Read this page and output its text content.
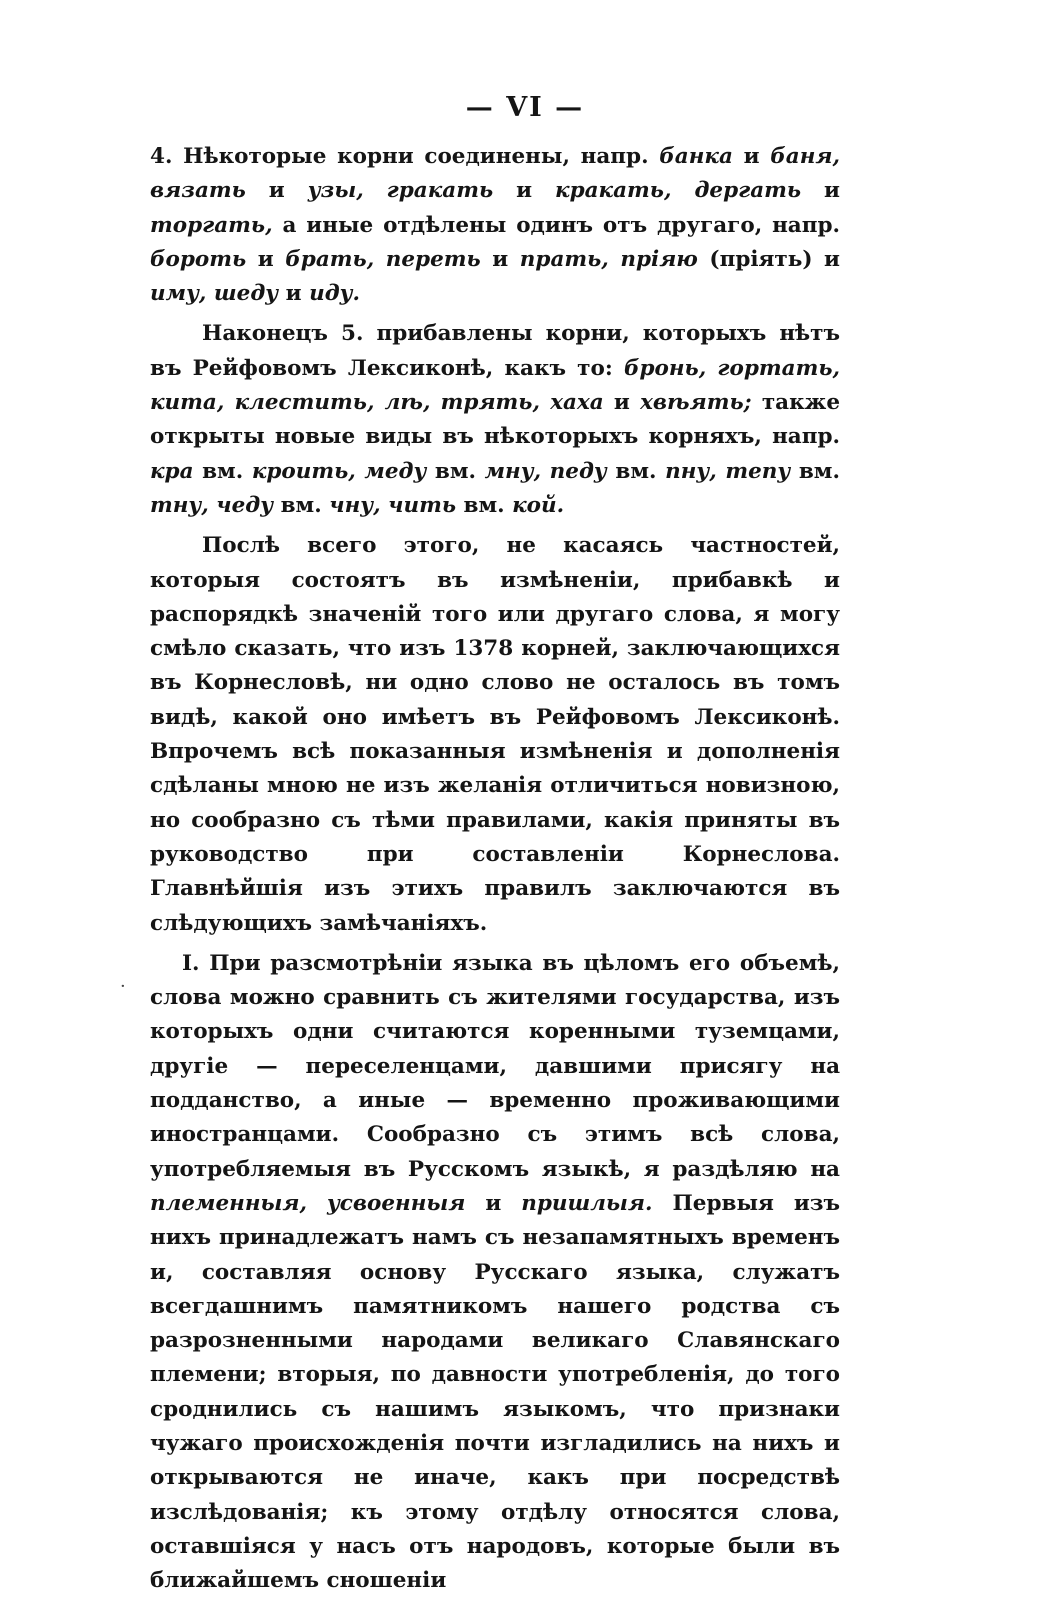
— VI —
·

4. Нѣкоторые корни соединены, напр. банка и баня, вязать и узы, гракать и кракать, дергать и торгать, а иные отдѣлены одинъ отъ другаго, напр. бороть и брать, переть и прать, пріяю (пріять) и иму, шеду и иду.

Наконецъ 5. прибавлены корни, которыхъ нѣтъ въ Рейфовомъ Лексиконѣ, какъ то: бронь, гортать, кита, клестить, лѣ, трять, хаха и хвѣять; также открыты новые виды въ нѣкоторыхъ корняхъ, напр. кра вм. кроить, меду вм. мну, педу вм. пну, тепу вм. тну, чеду вм. чну, чить вм. кой.

Послѣ всего этого, не касаясь частностей, которыя состоятъ въ измѣненіи, прибавкѣ и распорядкѣ значеній того или другаго слова, я могу смѣло сказать, что изъ 1378 корней, заключающихся въ Корнесловѣ, ни одно слово не осталось въ томъ видѣ, какой оно имѣетъ въ Рейфовомъ Лексиконѣ. Впрочемъ всѣ показанныя измѣненія и дополненія сдѣланы мною не изъ желанія отличиться новизною, но сообразно съ тѣми правилами, какія приняты въ руководство при составленіи Корнеслова. Главнѣйшія изъ этихъ правилъ заключаются въ слѣдующихъ замѣчаніяхъ.

I. При разсмотрѣніи языка въ цѣломъ его объемѣ, слова можно сравнить съ жителями государства, изъ которыхъ одни считаются коренными туземцами, другіе — переселенцами, давшими присягу на подданство, а иные — временно проживающими иностранцами. Сообразно съ этимъ всѣ слова, употребляемыя въ Русскомъ языкѣ, я раздѣляю на племенныя, усвоенныя и пришлыя. Первыя изъ нихъ принадлежатъ намъ съ незапамятныхъ временъ и, составляя основу Русскаго языка, служатъ всегдашнимъ памятникомъ нашего родства съ разрозненными народами великаго Славянскаго племени; вторыя, по давности употребленія, до того сроднились съ нашимъ языкомъ, что признаки чужаго происхожденія почти изгладились на нихъ и открываются не иначе, какъ при посредствѣ изслѣдованія; къ этому отдѣлу относятся слова, оставшіяся у насъ отъ народовъ, которые были въ ближайшемъ сношеніи
